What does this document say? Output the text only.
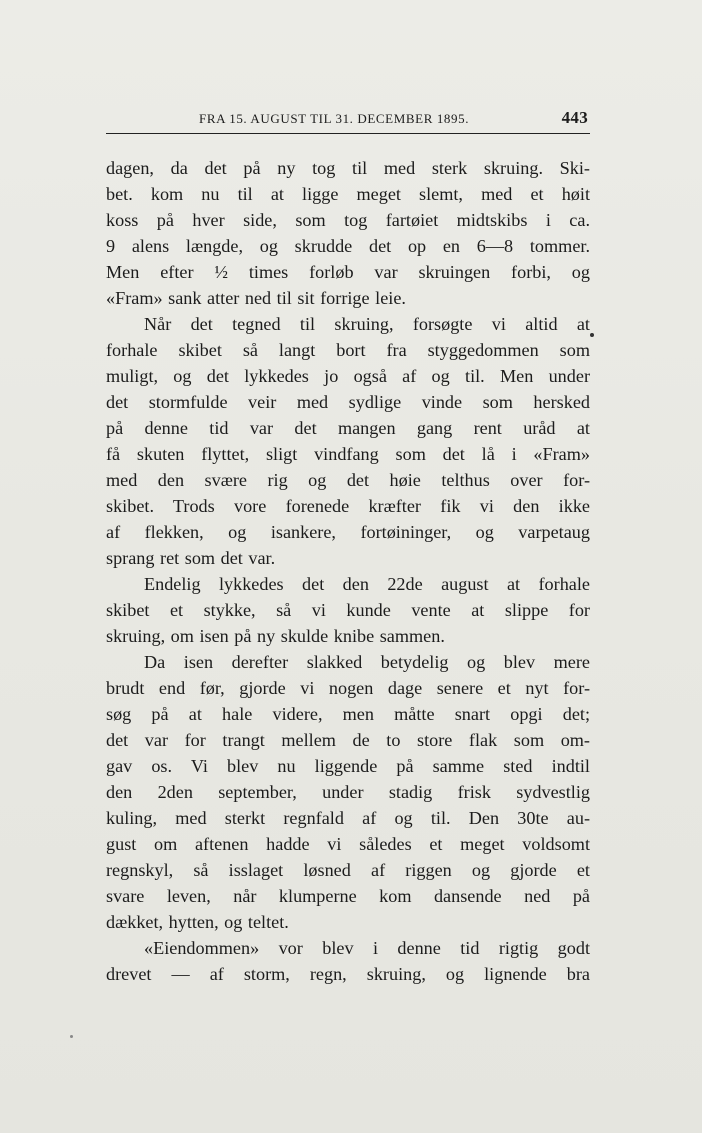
FRA 15. AUGUST TIL 31. DECEMBER 1895.	443
dagen, da det på ny tog til med sterk skruing. Ski-
bet. kom nu til at ligge meget slemt, med et høit
koss på hver side, som tog fartøiet midtskibs i ca.
9 alens længde, og skrudde det op en 6—8 tommer.
Men efter ½ times forløb var skruingen forbi, og
«Fram» sank atter ned til sit forrige leie.
Når det tegned til skruing, forsøgte vi altid at
forhale skibet så langt bort fra styggedommen som
muligt, og det lykkedes jo også af og til. Men under
det stormfulde veir med sydlige vinde som hersked
på denne tid var det mangen gang rent uråd at
få skuten flyttet, sligt vindfang som det lå i «Fram»
med den svære rig og det høie telthus over for-
skibet. Trods vore forenede kræfter fik vi den ikke
af flekken, og isankere, fortøininger, og varpetaug
sprang ret som det var.
Endelig lykkedes det den 22de august at forhale
skibet et stykke, så vi kunde vente at slippe for
skruing, om isen på ny skulde knibe sammen.
Da isen derefter slakked betydelig og blev mere
brudt end før, gjorde vi nogen dage senere et nyt for-
søg på at hale videre, men måtte snart opgi det;
det var for trangt mellem de to store flak som om-
gav os. Vi blev nu liggende på samme sted indtil
den 2den september, under stadig frisk sydvestlig
kuling, med sterkt regnfald af og til. Den 30te au-
gust om aftenen hadde vi således et meget voldsomt
regnskyl, så isslaget løsned af riggen og gjorde et
svare leven, når klumperne kom dansende ned på
dækket, hytten, og teltet.
«Eiendommen» vor blev i denne tid rigtig godt
drevet — af storm, regn, skruing, og lignende bra
